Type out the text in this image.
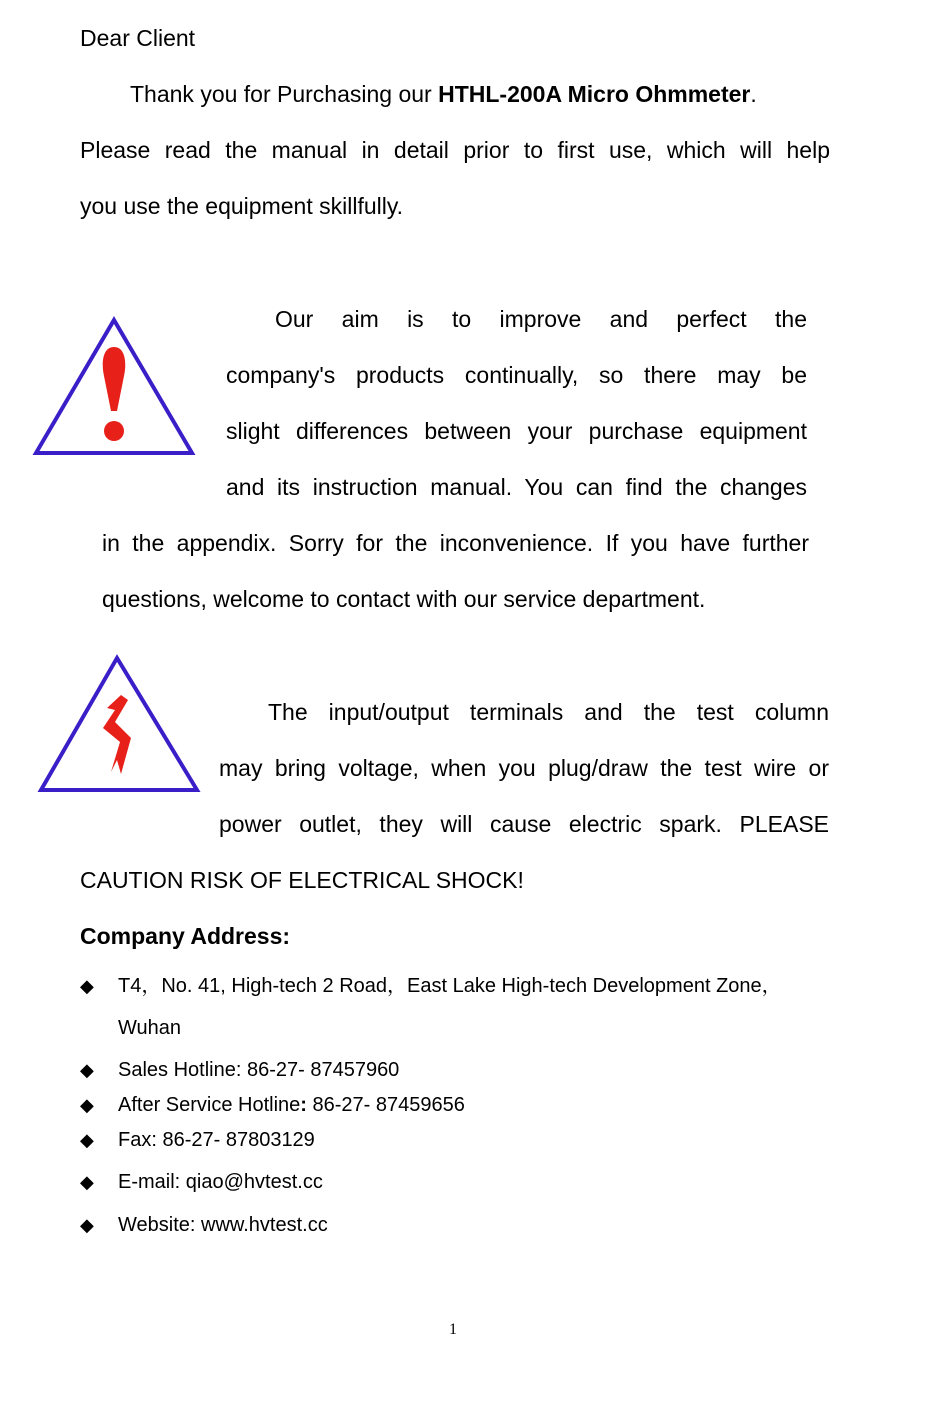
Dear Client
Thank you for Purchasing our HTHL-200A Micro Ohmmeter.
Please read the manual in detail prior to first use, which will help
you use the equipment skillfully.
Our aim is to improve and perfect the
company's products continually, so there may be
slight differences between your purchase equipment
and its instruction manual. You can find the changes
in the appendix. Sorry for the inconvenience. If you have further
questions, welcome to contact with our service department.
The input/output terminals and the test column
may bring voltage, when you plug/draw the test wire or
power outlet, they will cause electric spark. PLEASE
CAUTION RISK OF ELECTRICAL SHOCK!
Company Address:
◆ T4，No. 41, High-tech 2 Road，East Lake High-tech Development Zone，
Wuhan
◆ Sales Hotline: 86-27- 87457960
◆ After Service Hotline: 86-27- 87459656
◆ Fax: 86-27- 87803129
◆ E-mail: qiao@hvtest.cc
◆ Website: www.hvtest.cc
1
